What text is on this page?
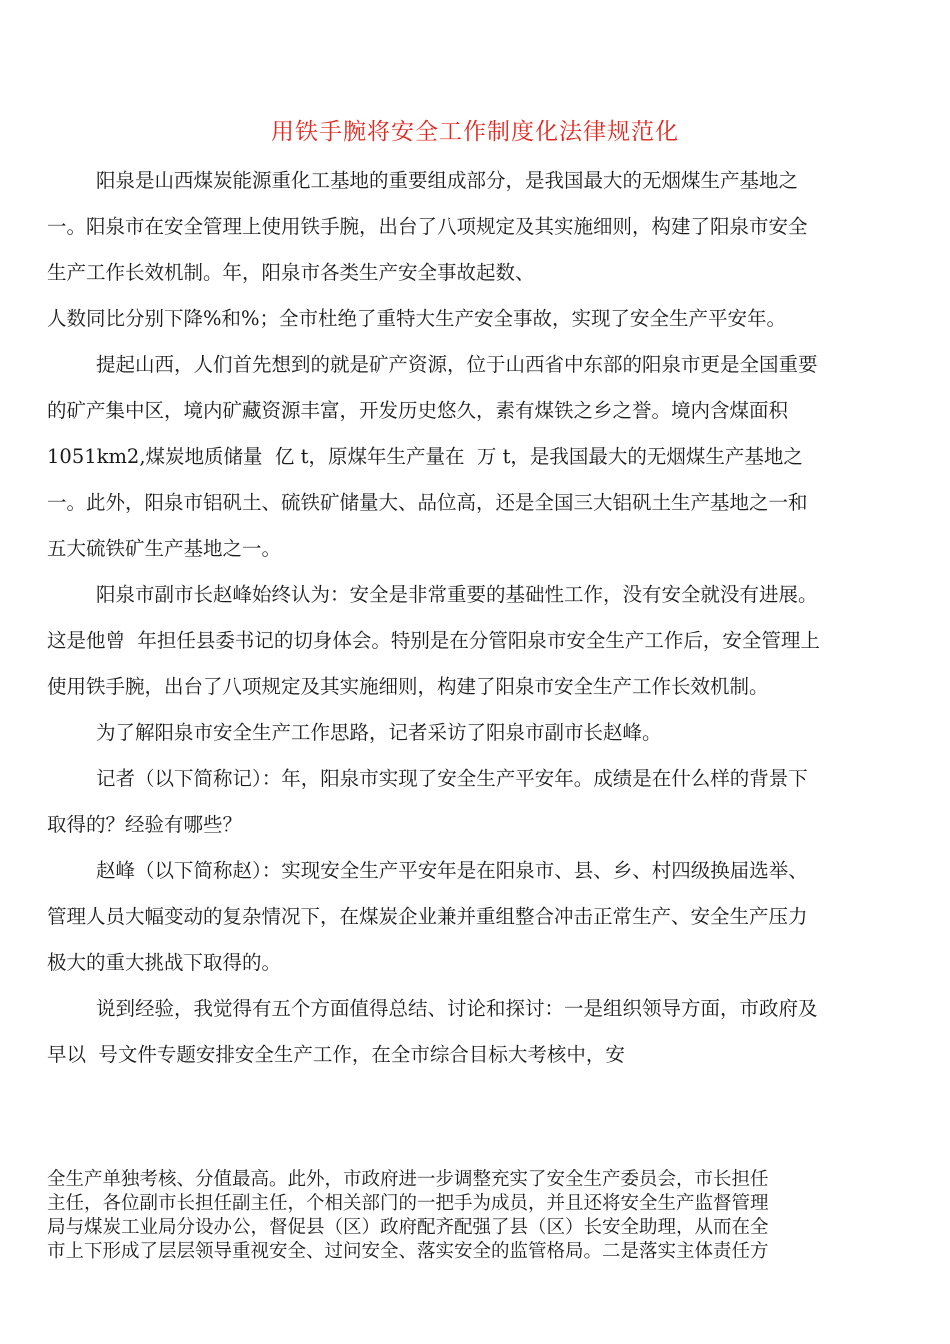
用铁手腕将安全工作制度化法律规范化
阳泉是山西煤炭能源重化工基地的重要组成部分，是我国最大的无烟煤生产基地之
一。阳泉市在安全管理上使用铁手腕，出台了八项规定及其实施细则，构建了阳泉市安全
生产工作长效机制。年，阳泉市各类生产安全事故起数、
人数同比分别下降%和%；全市杜绝了重特大生产安全事故，实现了安全生产平安年。
提起山西，人们首先想到的就是矿产资源，位于山西省中东部的阳泉市更是全国重要
的矿产集中区，境内矿藏资源丰富，开发历史悠久，素有煤铁之乡之誉。境内含煤面积
1051km2,煤炭地质储量  亿 t，原煤年生产量在  万 t，是我国最大的无烟煤生产基地之
一。此外，阳泉市铝矾土、硫铁矿储量大、品位高，还是全国三大铝矾土生产基地之一和
五大硫铁矿生产基地之一。
阳泉市副市长赵峰始终认为：安全是非常重要的基础性工作，没有安全就没有进展。
这是他曾  年担任县委书记的切身体会。特别是在分管阳泉市安全生产工作后，安全管理上
使用铁手腕，出台了八项规定及其实施细则，构建了阳泉市安全生产工作长效机制。
为了解阳泉市安全生产工作思路，记者采访了阳泉市副市长赵峰。
记者（以下简称记）：年，阳泉市实现了安全生产平安年。成绩是在什么样的背景下
取得的？经验有哪些？
赵峰（以下简称赵）：实现安全生产平安年是在阳泉市、县、乡、村四级换届选举、
管理人员大幅变动的复杂情况下，在煤炭企业兼并重组整合冲击正常生产、安全生产压力
极大的重大挑战下取得的。
说到经验，我觉得有五个方面值得总结、讨论和探讨：一是组织领导方面，市政府及
早以  号文件专题安排安全生产工作，在全市综合目标大考核中，安
全生产单独考核、分值最高。此外，市政府进一步调整充实了安全生产委员会，市长担任
主任，各位副市长担任副主任，个相关部门的一把手为成员，并且还将安全生产监督管理
局与煤炭工业局分设办公，督促县（区）政府配齐配强了县（区）长安全助理，从而在全
市上下形成了层层领导重视安全、过问安全、落实安全的监管格局。二是落实主体责任方
